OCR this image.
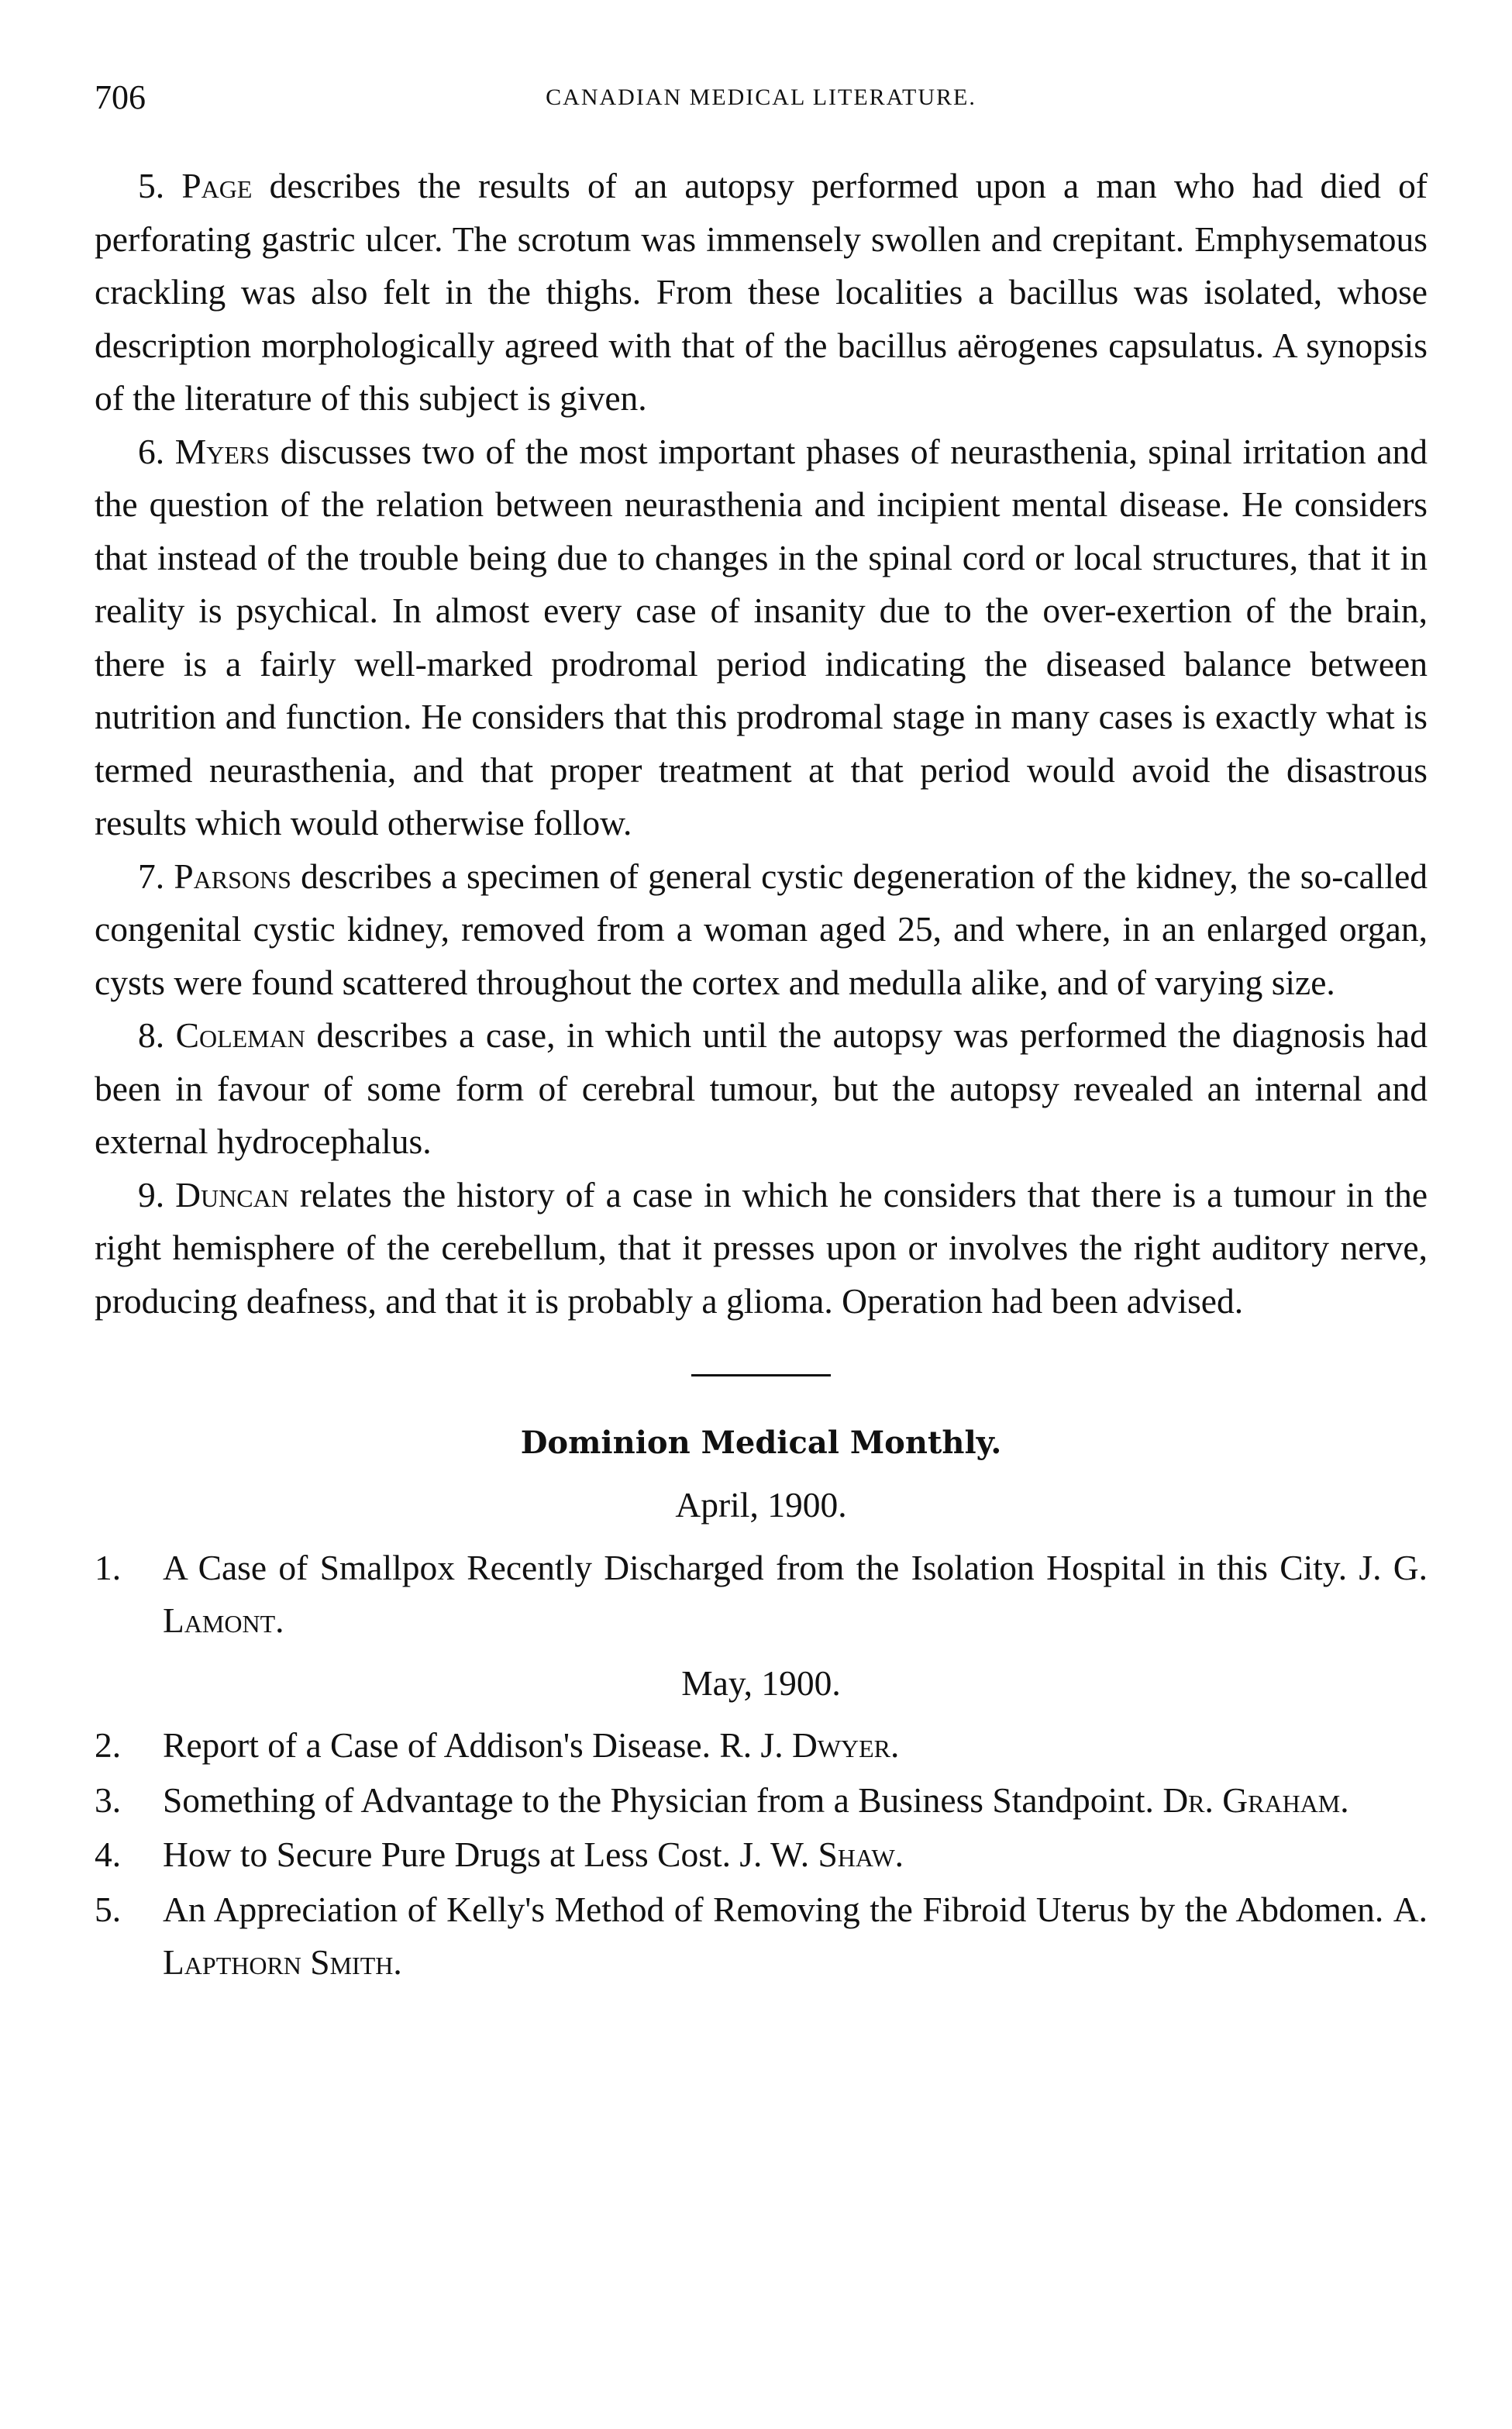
706	CANADIAN MEDICAL LITERATURE.

5. Page describes the results of an autopsy performed upon a man who had died of perforating gastric ulcer. The scrotum was immensely swollen and crepitant. Emphysematous crackling was also felt in the thighs. From these localities a bacillus was isolated, whose description morphologically agreed with that of the bacillus aërogenes capsulatus. A synopsis of the literature of this subject is given.

6. Myers discusses two of the most important phases of neurasthenia, spinal irritation and the question of the relation between neurasthenia and incipient mental disease. He considers that instead of the trouble being due to changes in the spinal cord or local structures, that it in reality is psychical. In almost every case of insanity due to the over-exertion of the brain, there is a fairly well-marked prodromal period indicating the diseased balance between nutrition and function. He considers that this prodromal stage in many cases is exactly what is termed neurasthenia, and that proper treatment at that period would avoid the disastrous results which would otherwise follow.

7. Parsons describes a specimen of general cystic degeneration of the kidney, the so-called congenital cystic kidney, removed from a woman aged 25, and where, in an enlarged organ, cysts were found scattered throughout the cortex and medulla alike, and of varying size.

8. Coleman describes a case, in which until the autopsy was performed the diagnosis had been in favour of some form of cerebral tumour, but the autopsy revealed an internal and external hydrocephalus.

9. Duncan relates the history of a case in which he considers that there is a tumour in the right hemisphere of the cerebellum, that it presses upon or involves the right auditory nerve, producing deafness, and that it is probably a glioma. Operation had been advised.

Dominion Medical Monthly.

April, 1900.

1. A Case of Smallpox Recently Discharged from the Isolation Hospital in this City. J. G. Lamont.

May, 1900.

2. Report of a Case of Addison's Disease. R. J. Dwyer.

3. Something of Advantage to the Physician from a Business Standpoint. Dr. Graham.

4. How to Secure Pure Drugs at Less Cost. J. W. Shaw.

5. An Appreciation of Kelly's Method of Removing the Fibroid Uterus by the Abdomen. A. Lapthorn Smith.
